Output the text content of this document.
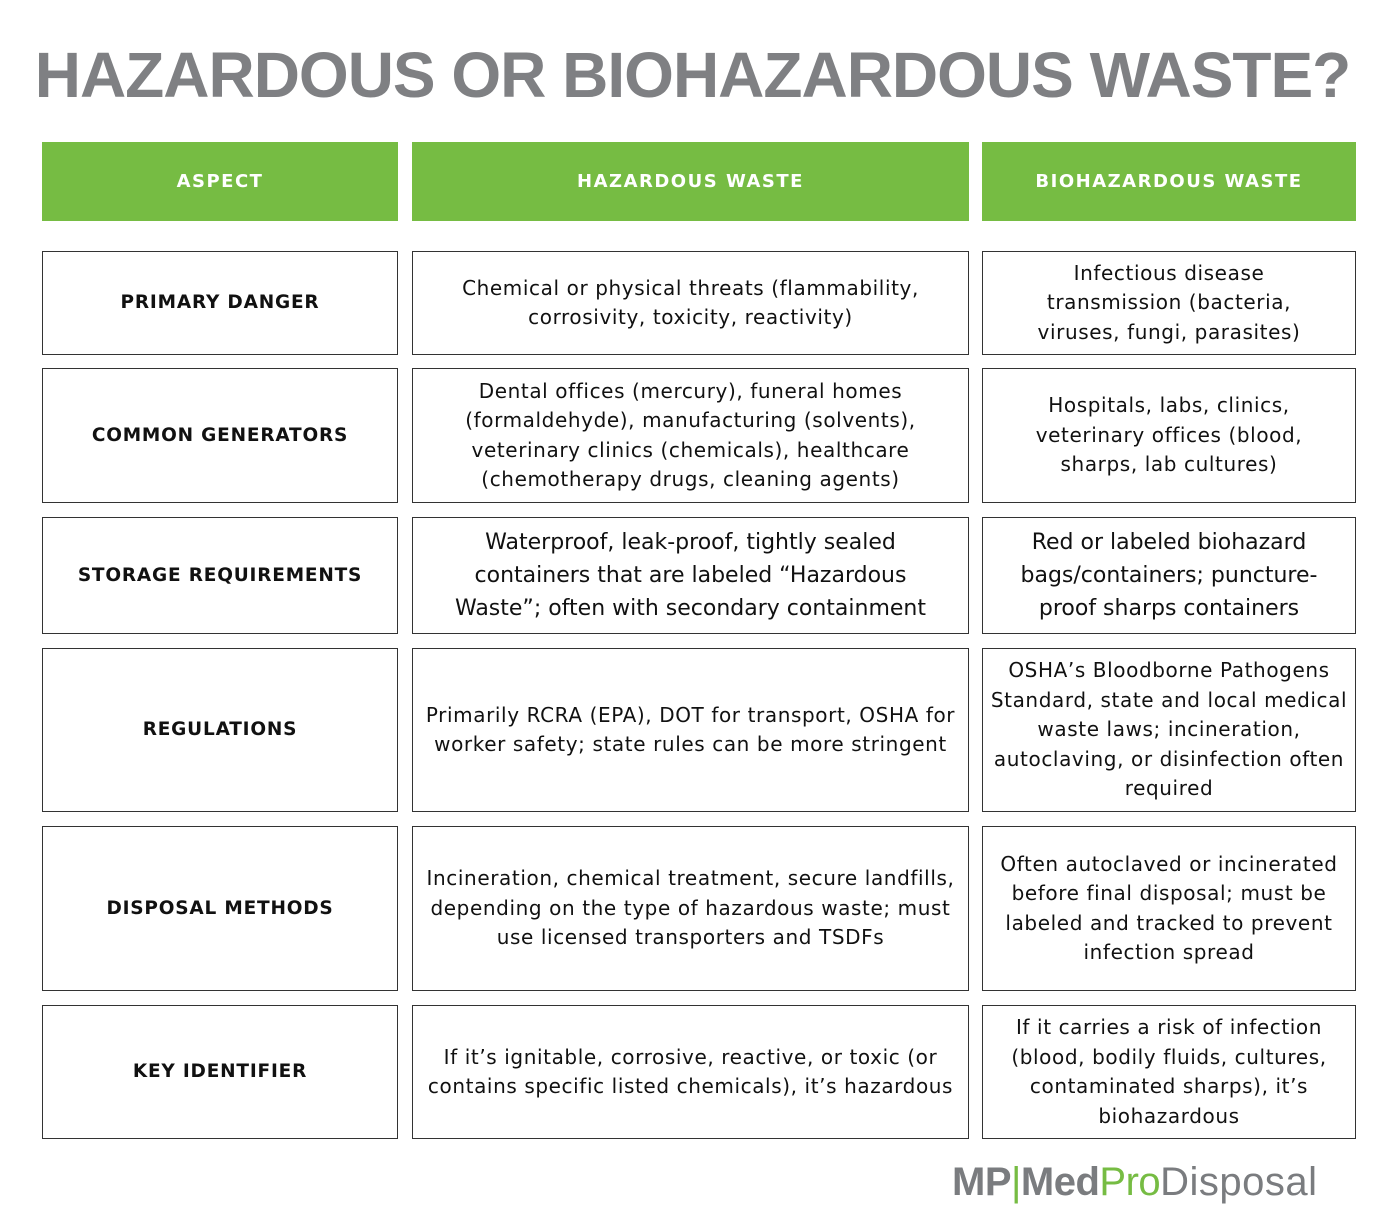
HAZARDOUS OR BIOHAZARDOUS WASTE?
ASPECT	HAZARDOUS WASTE	BIOHAZARDOUS WASTE
PRIMARY DANGER
Chemical or physical threats (flammability, corrosivity, toxicity, reactivity)
Infectious disease transmission (bacteria, viruses, fungi, parasites)
COMMON GENERATORS
Dental offices (mercury), funeral homes (formaldehyde), manufacturing (solvents), veterinary clinics (chemicals), healthcare (chemotherapy drugs, cleaning agents)
Hospitals, labs, clinics, veterinary offices (blood, sharps, lab cultures)
STORAGE REQUIREMENTS
Waterproof, leak-proof, tightly sealed containers that are labeled “Hazardous Waste”; often with secondary containment
Red or labeled biohazard bags/containers; puncture-proof sharps containers
REGULATIONS
Primarily RCRA (EPA), DOT for transport, OSHA for worker safety; state rules can be more stringent
OSHA’s Bloodborne Pathogens Standard, state and local medical waste laws; incineration, autoclaving, or disinfection often required
DISPOSAL METHODS
Incineration, chemical treatment, secure landfills, depending on the type of hazardous waste; must use licensed transporters and TSDFs
Often autoclaved or incinerated before final disposal; must be labeled and tracked to prevent infection spread
KEY IDENTIFIER
If it’s ignitable, corrosive, reactive, or toxic (or contains specific listed chemicals), it’s hazardous
If it carries a risk of infection (blood, bodily fluids, cultures, contaminated sharps), it’s biohazardous
MP|MedProDisposal
